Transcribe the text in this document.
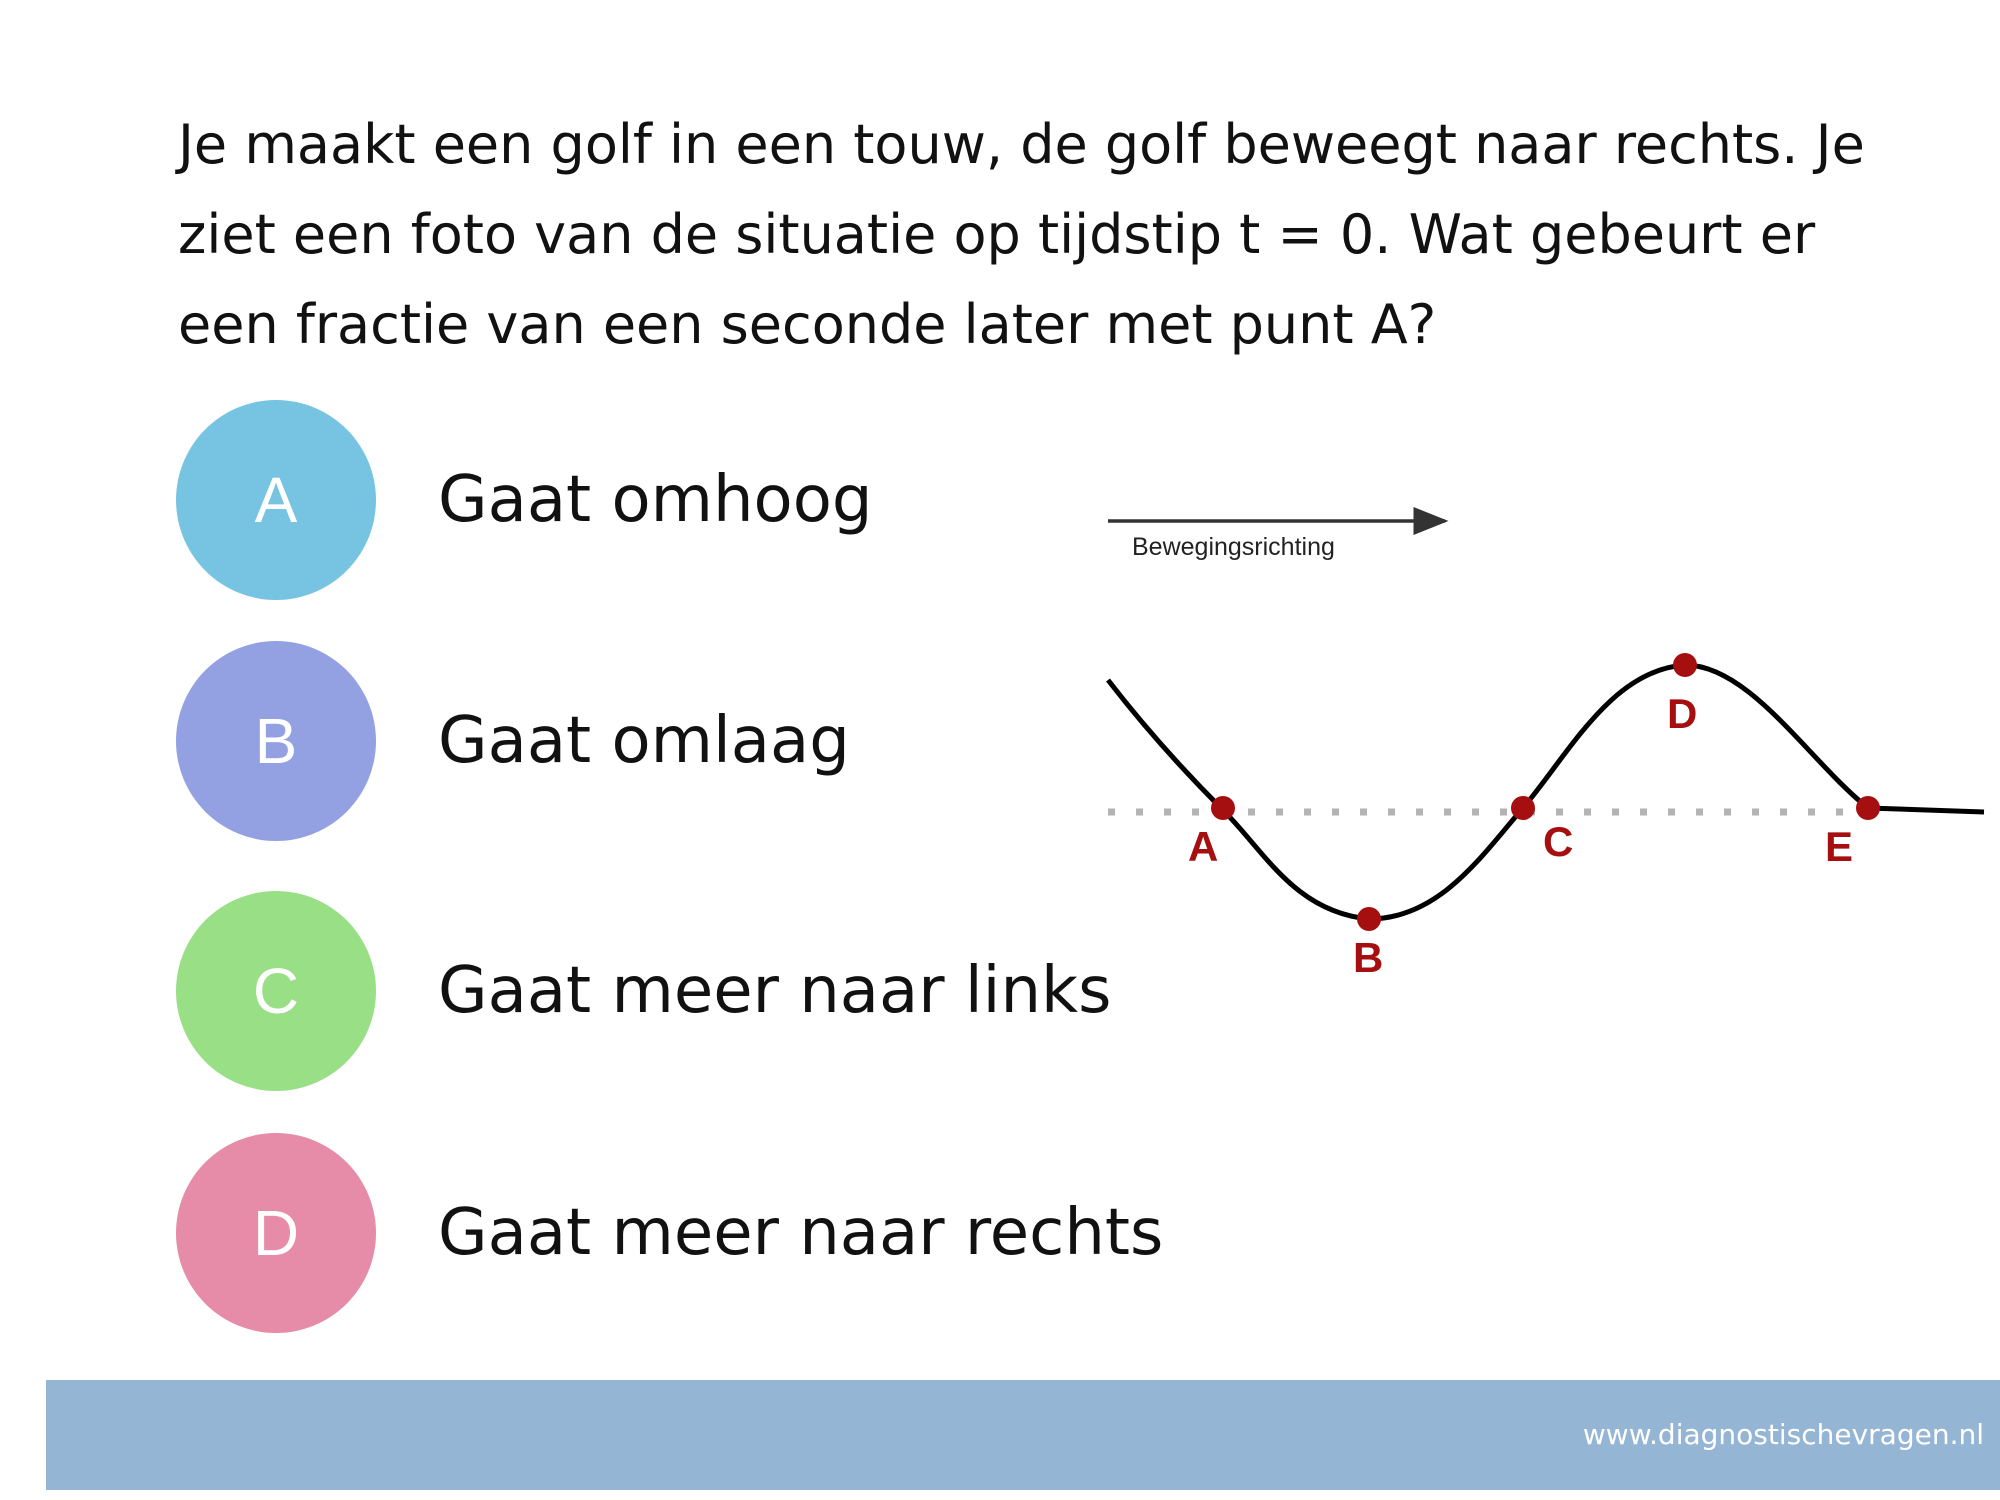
Je maakt een golf in een touw, de golf beweegt naar rechts. Je ziet een foto van de situatie op tijdstip t = 0. Wat gebeurt er een fractie van een seconde later met punt A?
A	Gaat omhoog
B	Gaat omlaag
C	Gaat meer naar links
D	Gaat meer naar rechts
Bewegingsrichting
A
B
C
D
E
www.diagnostischevragen.nl
